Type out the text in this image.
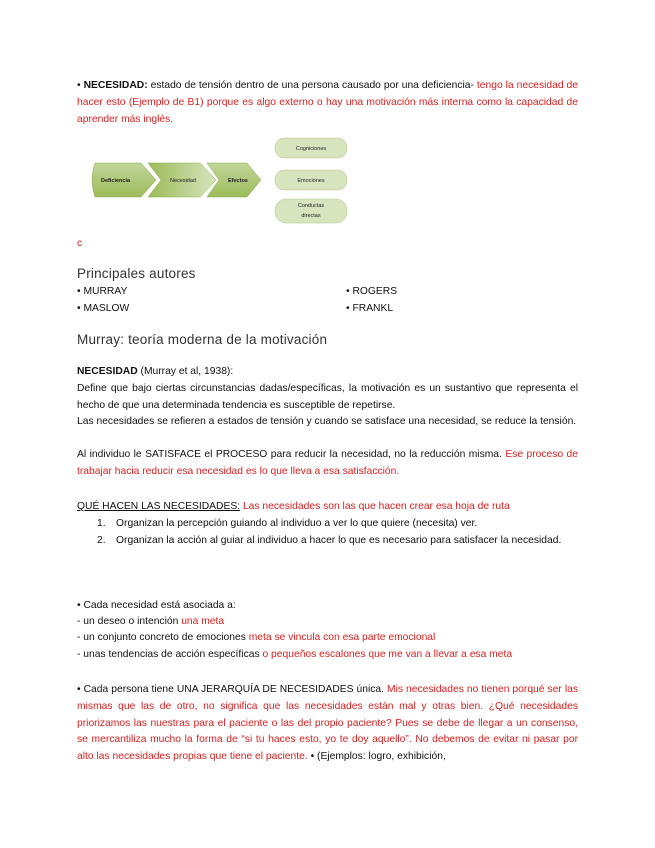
• NECESIDAD: estado de tensión dentro de una persona causado por una deficiencia- tengo la necesidad de hacer esto (Ejemplo de B1) porque es algo externo o hay una motivación más interna como la capacidad de aprender más inglés.
Deficiencia	Necesidad	Efectos
Cogniciones
Emociones
Conductas
directas
c
Principales autores
• MURRAY
• MASLOW
• ROGERS
• FRANKL
Murray: teoría moderna de la motivación
NECESIDAD (Murray et al, 1938):
Define que bajo ciertas circunstancias dadas/específicas, la motivación es un sustantivo que representa el hecho de que una determinada tendencia es susceptible de repetirse.
Las necesidades se refieren a estados de tensión y cuando se satisface una necesidad, se reduce la tensión.
Al individuo le SATISFACE el PROCESO para reducir la necesidad, no la reducción misma. Ese proceso de trabajar hacia reducir esa necesidad es lo que lleva a esa satisfacción.
QUÉ HACEN LAS NECESIDADES: Las necesidades son las que hacen crear esa hoja de ruta
1. Organizan la percepción guiando al individuo a ver lo que quiere (necesita) ver.
2. Organizan la acción al guiar al individuo a hacer lo que es necesario para satisfacer la necesidad.
• Cada necesidad está asociada a:
- un deseo o intención una meta
- un conjunto concreto de emociones meta se vincula con esa parte emocional
- unas tendencias de acción específicas o pequeños escalones que me van a llevar a esa meta
• Cada persona tiene UNA JERARQUÍA DE NECESIDADES única. Mis necesidades no tienen porqué ser las mismas que las de otro, no significa que las necesidades están mal y otras bien. ¿Qué necesidades priorizamos las nuestras para el paciente o las del propio paciente? Pues se debe de llegar a un consenso, se mercantiliza mucho la forma de “si tu haces esto, yo te doy aquello”. No debemos de evitar ni pasar por alto las necesidades propias que tiene el paciente. • (Ejemplos: logro, exhibición,
